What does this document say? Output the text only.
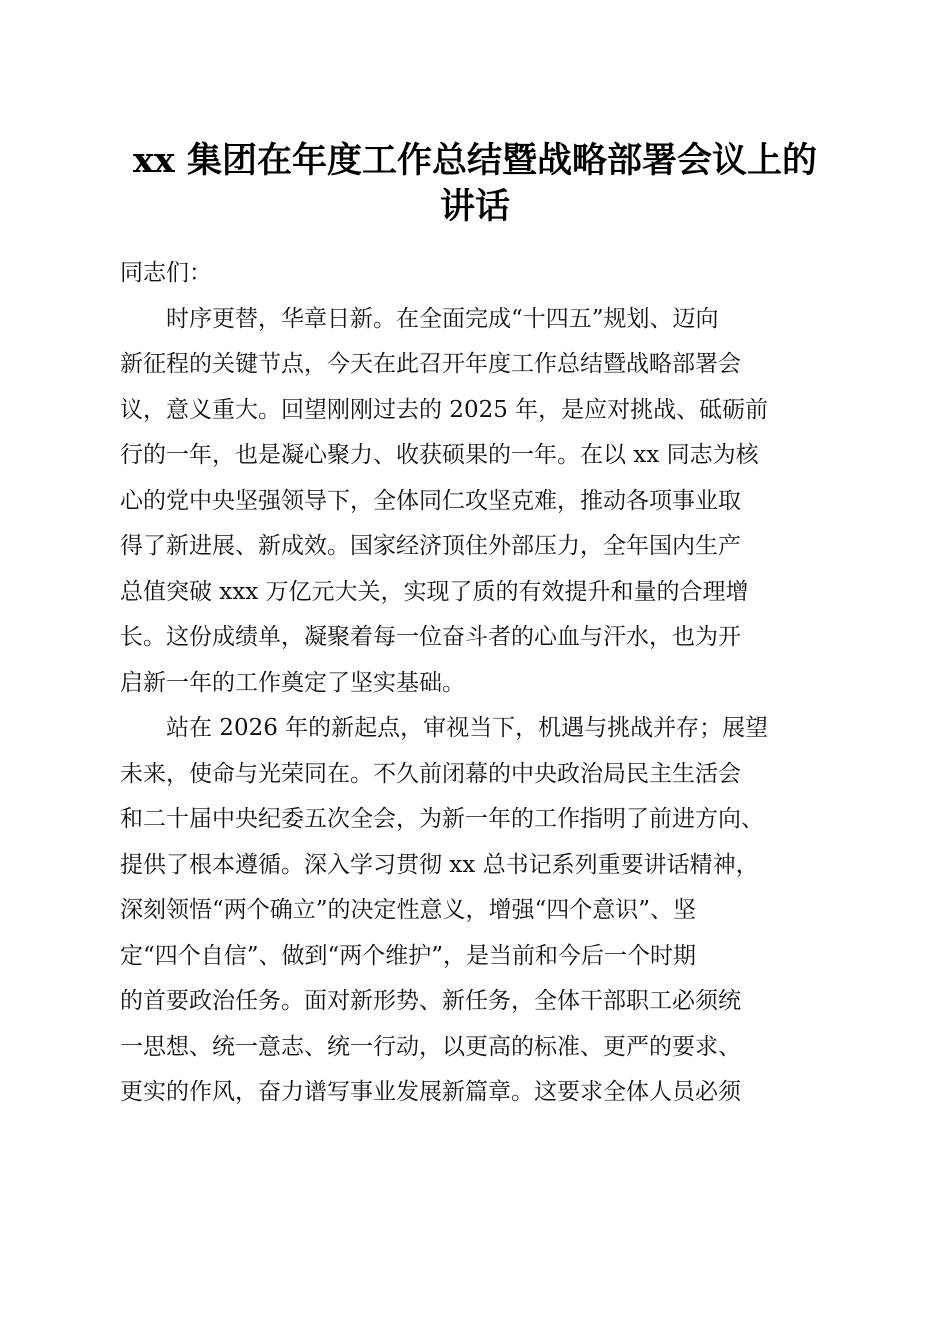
xx 集团在年度工作总结暨战略部署会议上的
讲话
同志们：
　　时序更替，华章日新。在全面完成“十四五”规划、迈向
新征程的关键节点，今天在此召开年度工作总结暨战略部署会
议，意义重大。回望刚刚过去的 2025 年，是应对挑战、砥砺前
行的一年，也是凝心聚力、收获硕果的一年。在以 xx 同志为核
心的党中央坚强领导下，全体同仁攻坚克难，推动各项事业取
得了新进展、新成效。国家经济顶住外部压力，全年国内生产
总值突破 xxx 万亿元大关，实现了质的有效提升和量的合理增
长。这份成绩单，凝聚着每一位奋斗者的心血与汗水，也为开
启新一年的工作奠定了坚实基础。
　　站在 2026 年的新起点，审视当下，机遇与挑战并存；展望
未来，使命与光荣同在。不久前闭幕的中央政治局民主生活会
和二十届中央纪委五次全会，为新一年的工作指明了前进方向、
提供了根本遵循。深入学习贯彻 xx 总书记系列重要讲话精神，
深刻领悟“两个确立”的决定性意义，增强“四个意识”、坚
定“四个自信”、做到“两个维护”，是当前和今后一个时期
的首要政治任务。面对新形势、新任务，全体干部职工必须统
一思想、统一意志、统一行动，以更高的标准、更严的要求、
更实的作风，奋力谱写事业发展新篇章。这要求全体人员必须
